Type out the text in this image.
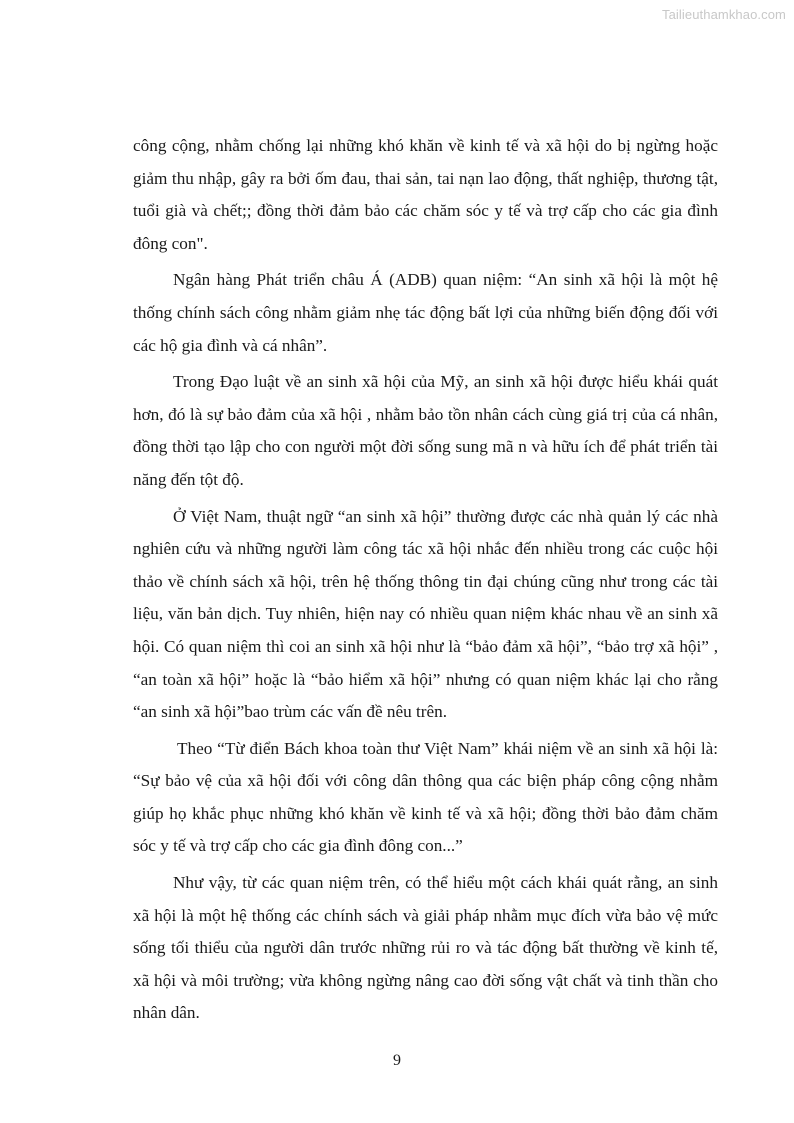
Tailieuthamkhao.com

công cộng, nhằm chống lại những khó khăn về kinh tế và xã hội do bị ngừng hoặc giảm thu nhập, gây ra bởi ốm đau, thai sản, tai nạn lao động, thất nghiệp, thương tật, tuổi già và chết;; đồng thời đảm bảo các chăm sóc y tế và trợ cấp cho các gia đình đông con".

Ngân hàng Phát triển châu Á (ADB) quan niệm: “An sinh xã hội là một hệ thống chính sách công nhằm giảm nhẹ tác động bất lợi của những biến động đối với các hộ gia đình và cá nhân”.

Trong Đạo luật về an sinh xã hội của Mỹ, an sinh xã hội được hiểu khái quát hơn, đó là sự bảo đảm của xã hội , nhằm bảo tồn nhân cách cùng giá trị của cá nhân, đồng thời tạo lập cho con người một đời sống sung mã n và hữu ích để phát triển tài năng đến tột độ.

Ở Việt Nam, thuật ngữ “an sinh xã hội” thường được các nhà quản lý các nhà nghiên cứu và những người làm công tác xã hội nhắc đến nhiều trong các cuộc hội thảo về chính sách xã hội, trên hệ thống thông tin đại chúng cũng như trong các tài liệu, văn bản dịch. Tuy nhiên, hiện nay có nhiều quan niệm khác nhau về an sinh xã hội. Có quan niệm thì coi an sinh xã hội như là “bảo đảm xã hội”, “bảo trợ xã hội” , “an toàn xã hội” hoặc là “bảo hiểm xã hội” nhưng có quan niệm khác lại cho rằng “an sinh xã hội”bao trùm các vấn đề nêu trên.

Theo “Từ điển Bách khoa toàn thư Việt Nam” khái niệm về an sinh xã hội là: “Sự bảo vệ của xã hội đối với công dân thông qua các biện pháp công cộng nhằm giúp họ khắc phục những khó khăn về kinh tế và xã hội; đồng thời bảo đảm chăm sóc y tế và trợ cấp cho các gia đình đông con...”

Như vậy, từ các quan niệm trên, có thể hiểu một cách khái quát rằng, an sinh xã hội là một hệ thống các chính sách và giải pháp nhằm mục đích vừa bảo vệ mức sống tối thiểu của người dân trước những rủi ro và tác động bất thường về kinh tế, xã hội và môi trường; vừa không ngừng nâng cao đời sống vật chất và tinh thần cho nhân dân.

9
